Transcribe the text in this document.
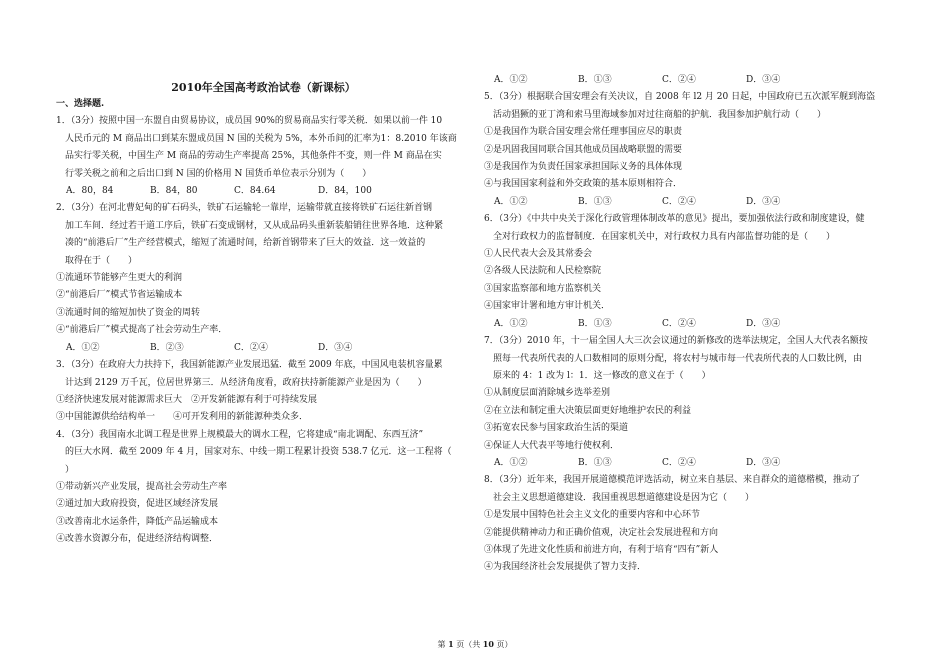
2010年全国高考政治试卷（新课标）
一、选择题.
1．（3分）按照中国一东盟自由贸易协议，成员国 90%的贸易商品实行零关税．如果以前一件 10
人民币元的 M 商品出口到某东盟成员国 N 国的关税为 5%，本外币间的汇率为1：8.2010 年该商
品实行零关税，中国生产 M 商品的劳动生产率提高 25%，其他条件不变，则一件 M 商品在实
行零关税之前和之后出口到 N 国的价格用 N 国货币单位表示分别为（　　）
A．80，84	B．84，80	C．84.64	D．84，100
2．（3分）在河北曹妃甸的矿石码头，铁矿石运输轮一靠岸，运输带就直接将铁矿石运往新首钢
加工车间．经过若干道工序后，铁矿石变成钢材，又从成品码头重新装船销往世界各地．这种紧
凑的“前港后厂”生产经营模式，缩短了流通时间，给新首钢带来了巨大的效益．这一效益的
取得在于（　　）
①流通环节能够产生更大的利润
②“前港后厂”模式节省运输成本
③流通时间的缩短加快了资金的周转
④“前港后厂”模式提高了社会劳动生产率．
A．①②	B．②③	C．②④	D．③④
3．（3分）在政府大力扶持下，我国新能源产业发展迅猛．截至 2009 年底，中国风电装机容量累
计达到 2129 万千瓦，位居世界第三．从经济角度看，政府扶持新能源产业是因为（　　）
①经济快速发展对能源需求巨大　②开发新能源有利于可持续发展
③中国能源供给结构单一　　④可开发利用的新能源种类众多．
4．（3分）我国南水北调工程是世界上规模最大的调水工程，它将建成“南北调配、东西互济”
的巨大水网．截至 2009 年 4 月，国家对东、中线一期工程累计投资 538.7 亿元．这一工程将（
）
①带动新兴产业发展，提高社会劳动生产率
②通过加大政府投资，促进区域经济发展
③改善南北水运条件，降低产品运输成本
④改善水资源分布，促进经济结构调整．
A．①②	B．①③	C．②④	D．③④
5．（3分）根据联合国安理会有关决议，自 2008 年 l2 月 20 日起，中国政府已五次派军舰到海盗
活动猖獗的亚丁湾和索马里海域参加对过往商船的护航．我国参加护航行动（　　）
①是我国作为联合国安理会常任理事国应尽的职责
②是巩固我国同联合国其他成员国战略联盟的需要
③是我国作为负责任国家承担国际义务的具体体现
④与我国国家利益和外交政策的基本原则相符合．
A．①②	B．①③	C．②④	D．③④
6．（3分）《中共中央关于深化行政管理体制改革的意见》提出，要加强依法行政和制度建设，健
全对行政权力的监督制度．在国家机关中，对行政权力具有内部监督功能的是（　　）
①人民代表大会及其常委会
②各级人民法院和人民检察院
③国家监察部和地方监察机关
④国家审计署和地方审计机关．
A．①②	B．①③	C．②④	D．③④
7．（3分）2010 年，十一届全国人大三次会议通过的新修改的选举法规定，全国人大代表名额按
照每一代表所代表的人口数相同的原则分配，将农村与城市每一代表所代表的人口数比例，由
原来的 4：1 改为 l：1．这一修改的意义在于（　　）
①从制度层面消除城乡选举差别
②在立法和制定重大决策层面更好地维护农民的利益
③拓宽农民参与国家政治生活的渠道
④保证人大代表平等地行使权利．
A．①②	B．①③	C．②④	D．③④
8．（3分）近年来，我国开展道德模范评选活动，树立来自基层、来自群众的道德楷模，推动了
社会主义思想道德建设．我国重视思想道德建设是因为它（　　）
①是发展中国特色社会主义文化的重要内容和中心环节
②能提供精神动力和正确价值观，决定社会发展进程和方向
③体现了先进文化性质和前进方向，有利于培育“四有”新人
④为我国经济社会发展提供了智力支持．
第 1 页（共 10 页）
